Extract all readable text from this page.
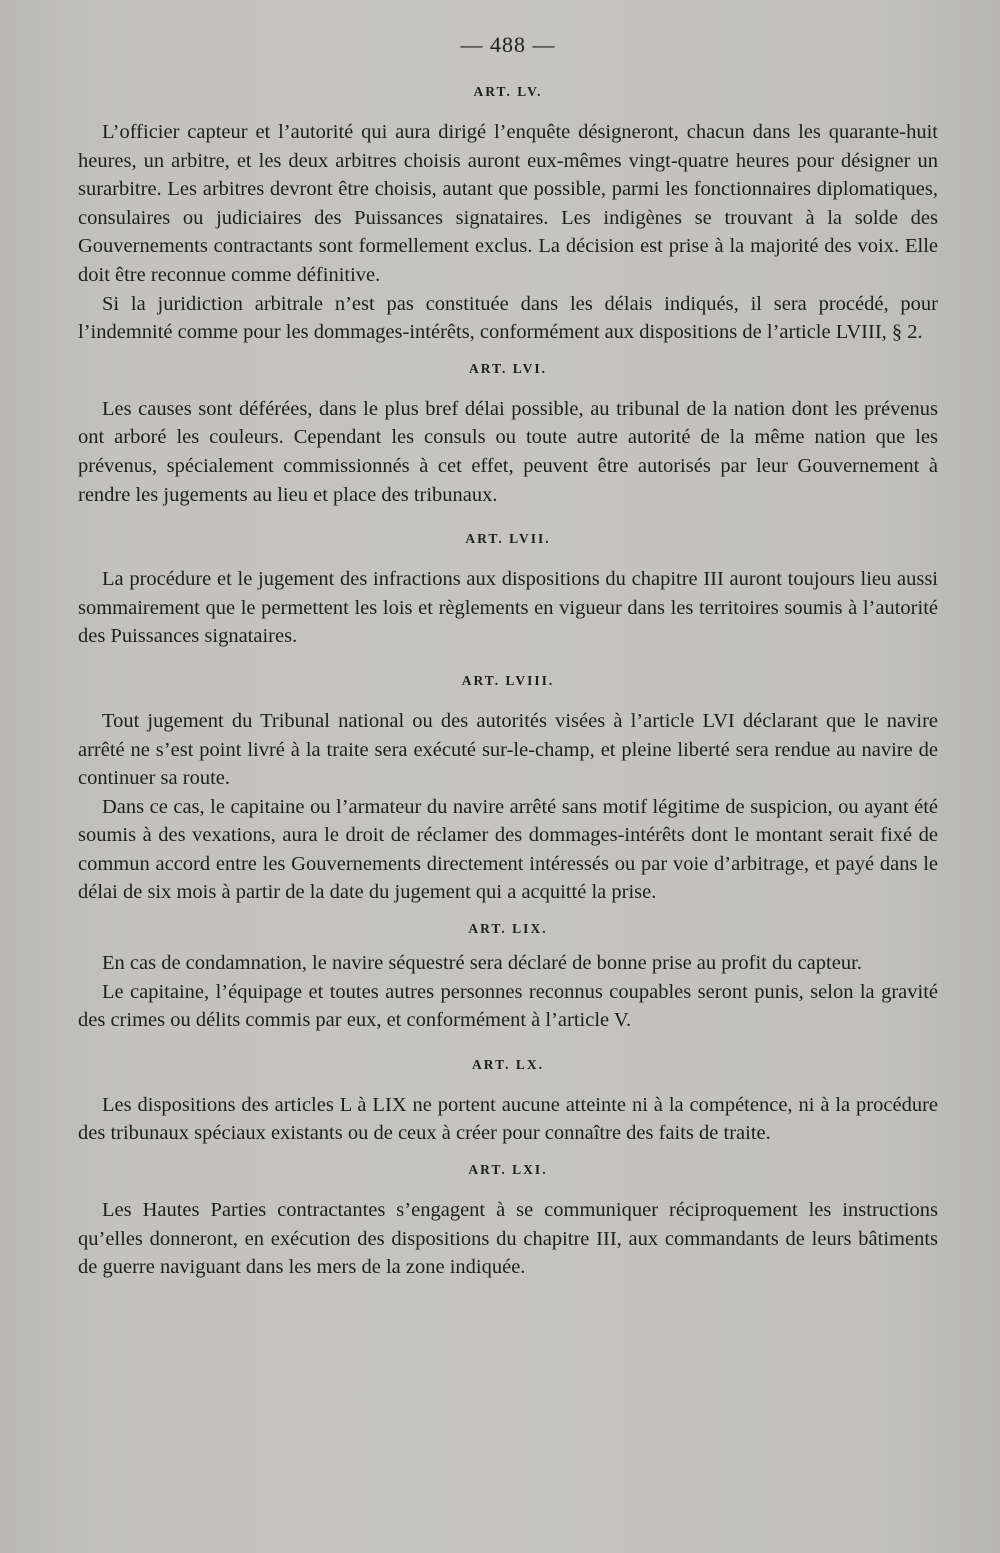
— 488 —
ART. LV.

L’officier capteur et l’autorité qui aura dirigé l’enquête désigneront, chacun dans les quarante-huit heures, un arbitre, et les deux arbitres choisis auront eux-mêmes vingt-quatre heures pour désigner un surarbitre. Les arbitres devront être choisis, autant que possible, parmi les fonctionnaires diplomatiques, consulaires ou judiciaires des Puissances signataires. Les indigènes se trouvant à la solde des Gouvernements contractants sont formellement exclus. La décision est prise à la majorité des voix. Elle doit être reconnue comme définitive.

Si la juridiction arbitrale n’est pas constituée dans les délais indiqués, il sera procédé, pour l’indemnité comme pour les dommages-intérêts, conformément aux dispositions de l’article LVIII, § 2.

ART. LVI.

Les causes sont déférées, dans le plus bref délai possible, au tribunal de la nation dont les prévenus ont arboré les couleurs. Cependant les consuls ou toute autre autorité de la même nation que les prévenus, spécialement commissionnés à cet effet, peuvent être autorisés par leur Gouvernement à rendre les jugements au lieu et place des tribunaux.

ART. LVII.

La procédure et le jugement des infractions aux dispositions du chapitre III auront toujours lieu aussi sommairement que le permettent les lois et règlements en vigueur dans les territoires soumis à l’autorité des Puissances signataires.

ART. LVIII.

Tout jugement du Tribunal national ou des autorités visées à l’article LVI déclarant que le navire arrêté ne s’est point livré à la traite sera exécuté sur-le-champ, et pleine liberté sera rendue au navire de continuer sa route.

Dans ce cas, le capitaine ou l’armateur du navire arrêté sans motif légitime de suspicion, ou ayant été soumis à des vexations, aura le droit de réclamer des dommages-intérêts dont le montant serait fixé de commun accord entre les Gouvernements directement intéressés ou par voie d’arbitrage, et payé dans le délai de six mois à partir de la date du jugement qui a acquitté la prise.

ART. LIX.

En cas de condamnation, le navire séquestré sera déclaré de bonne prise au profit du capteur.

Le capitaine, l’équipage et toutes autres personnes reconnus coupables seront punis, selon la gravité des crimes ou délits commis par eux, et conformément à l’article V.

ART. LX.

Les dispositions des articles L à LIX ne portent aucune atteinte ni à la compétence, ni à la procédure des tribunaux spéciaux existants ou de ceux à créer pour connaître des faits de traite.

ART. LXI.

Les Hautes Parties contractantes s’engagent à se communiquer réciproquement les instructions qu’elles donneront, en exécution des dispositions du chapitre III, aux commandants de leurs bâtiments de guerre naviguant dans les mers de la zone indiquée.
